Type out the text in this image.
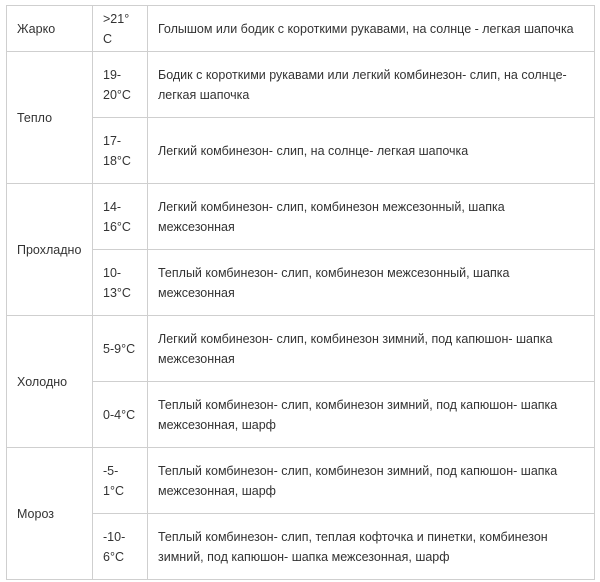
Жарко	>21°C	Голышом или бодик с короткими рукавами, на солнце - легкая шапочка
Тепло	19-20°C	Бодик с короткими рукавами или легкий комбинезон- слип, на солнце- легкая шапочка
	17-18°C	Легкий комбинезон- слип, на солнце- легкая шапочка
Прохладно	14-16°C	Легкий комбинезон- слип, комбинезон межсезонный, шапка межсезонная
	10-13°C	Теплый комбинезон- слип, комбинезон межсезонный, шапка межсезонная
Холодно	5-9°C	Легкий комбинезон- слип, комбинезон зимний, под капюшон- шапка межсезонная
	0-4°C	Теплый комбинезон- слип, комбинезон зимний, под капюшон- шапка межсезонная, шарф
Мороз	-5-1°C	Теплый комбинезон- слип, комбинезон зимний, под капюшон- шапка межсезонная, шарф
	-10-6°C	Теплый комбинезон- слип, теплая кофточка и пинетки, комбинезон зимний, под капюшон- шапка межсезонная, шарф
